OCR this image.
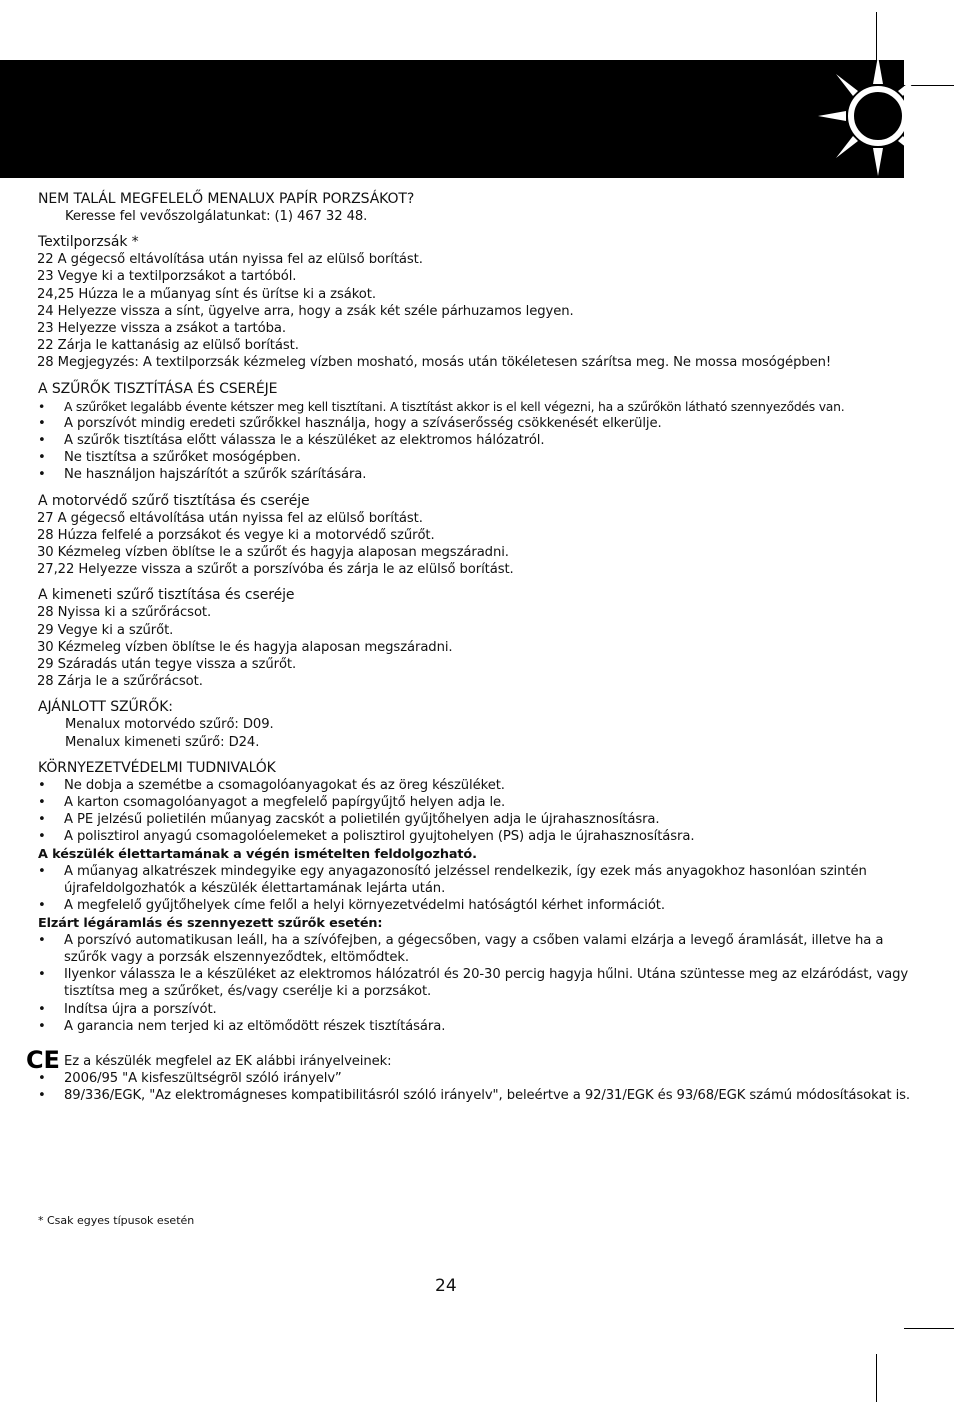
NEM TALÁL MEGFELELŐ MENALUX PAPÍR PORZSÁKOT?
Keresse fel vevőszolgálatunkat: (1) 467 32 48.
Textilporzsák *
22 A gégecső eltávolítása után nyissa fel az elülső borítást.
23 Vegye ki a textilporzsákot a tartóból.
24,25 Húzza le a műanyag sínt és ürítse ki a zsákot.
24 Helyezze vissza a sínt, ügyelve arra, hogy a zsák két széle párhuzamos legyen.
23 Helyezze vissza a zsákot a tartóba.
22 Zárja le kattanásig az elülső borítást.
28 Megjegyzés: A textilporzsák kézmeleg vízben mosható, mosás után tökéletesen szárítsa meg. Ne mossa mosógépben!
A SZŰRŐK TISZTÍTÁSA ÉS CSERÉJE
• A szűrőket legalább évente kétszer meg kell tisztítani. A tisztítást akkor is el kell végezni, ha a szűrőkön látható szennyeződés van.
• A porszívót mindig eredeti szűrőkkel használja, hogy a szíváserősség csökkenését elkerülje.
• A szűrők tisztítása előtt válassza le a készüléket az elektromos hálózatról.
• Ne tisztítsa a szűrőket mosógépben.
• Ne használjon hajszárítót a szűrők szárítására.
A motorvédő szűrő tisztítása és cseréje
27 A gégecső eltávolítása után nyissa fel az elülső borítást.
28 Húzza felfelé a porzsákot és vegye ki a motorvédő szűrőt.
30 Kézmeleg vízben öblítse le a szűrőt és hagyja alaposan megszáradni.
27,22 Helyezze vissza a szűrőt a porszívóba és zárja le az elülső borítást.
A kimeneti szűrő tisztítása és cseréje
28 Nyissa ki a szűrőrácsot.
29 Vegye ki a szűrőt.
30 Kézmeleg vízben öblítse le és hagyja alaposan megszáradni.
29 Száradás után tegye vissza a szűrőt.
28 Zárja le a szűrőrácsot.
AJÁNLOTT SZŰRŐK:
Menalux motorvédo szűrő: D09.
Menalux kimeneti szűrő: D24.
KÖRNYEZETVÉDELMI TUDNIVALÓK
• Ne dobja a szemétbe a csomagolóanyagokat és az öreg készüléket.
• A karton csomagolóanyagot a megfelelő papírgyűjtő helyen adja le.
• A PE jelzésű polietilén műanyag zacskót a polietilén gyűjtőhelyen adja le újrahasznosításra.
• A polisztirol anyagú csomagolóelemeket a polisztirol gyujtohelyen (PS) adja le újrahasznosításra.
A készülék élettartamának a végén ismételten feldolgozható.
• A műanyag alkatrészek mindegyike egy anyagazonosító jelzéssel rendelkezik, így ezek más anyagokhoz hasonlóan szintén újrafeldolgozhatók a készülék élettartamának lejárta után.
• A megfelelő gyűjtőhelyek címe felől a helyi környezetvédelmi hatóságtól kérhet információt.
Elzárt légáramlás és szennyezett szűrők esetén:
• A porszívó automatikusan leáll, ha a szívófejben, a gégecsőben, vagy a csőben valami elzárja a levegő áramlását, illetve ha a szűrők vagy a porzsák elszennyeződtek, eltömődtek.
• Ilyenkor válassza le a készüléket az elektromos hálózatról és 20-30 percig hagyja hűlni. Utána szüntesse meg az elzáródást, vagy tisztítsa meg a szűrőket, és/vagy cserélje ki a porzsákot.
• Indítsa újra a porszívót.
• A garancia nem terjed ki az eltömődött részek tisztítására.
CE Ez a készülék megfelel az EK alábbi irányelveinek:
• 2006/95 "A kisfeszültségrõl szóló irányelv”
• 89/336/EGK, "Az elektromágneses kompatibilitásról szóló irányelv", beleértve a 92/31/EGK és 93/68/EGK számú módosításokat is.
* Csak egyes típusok esetén
24
